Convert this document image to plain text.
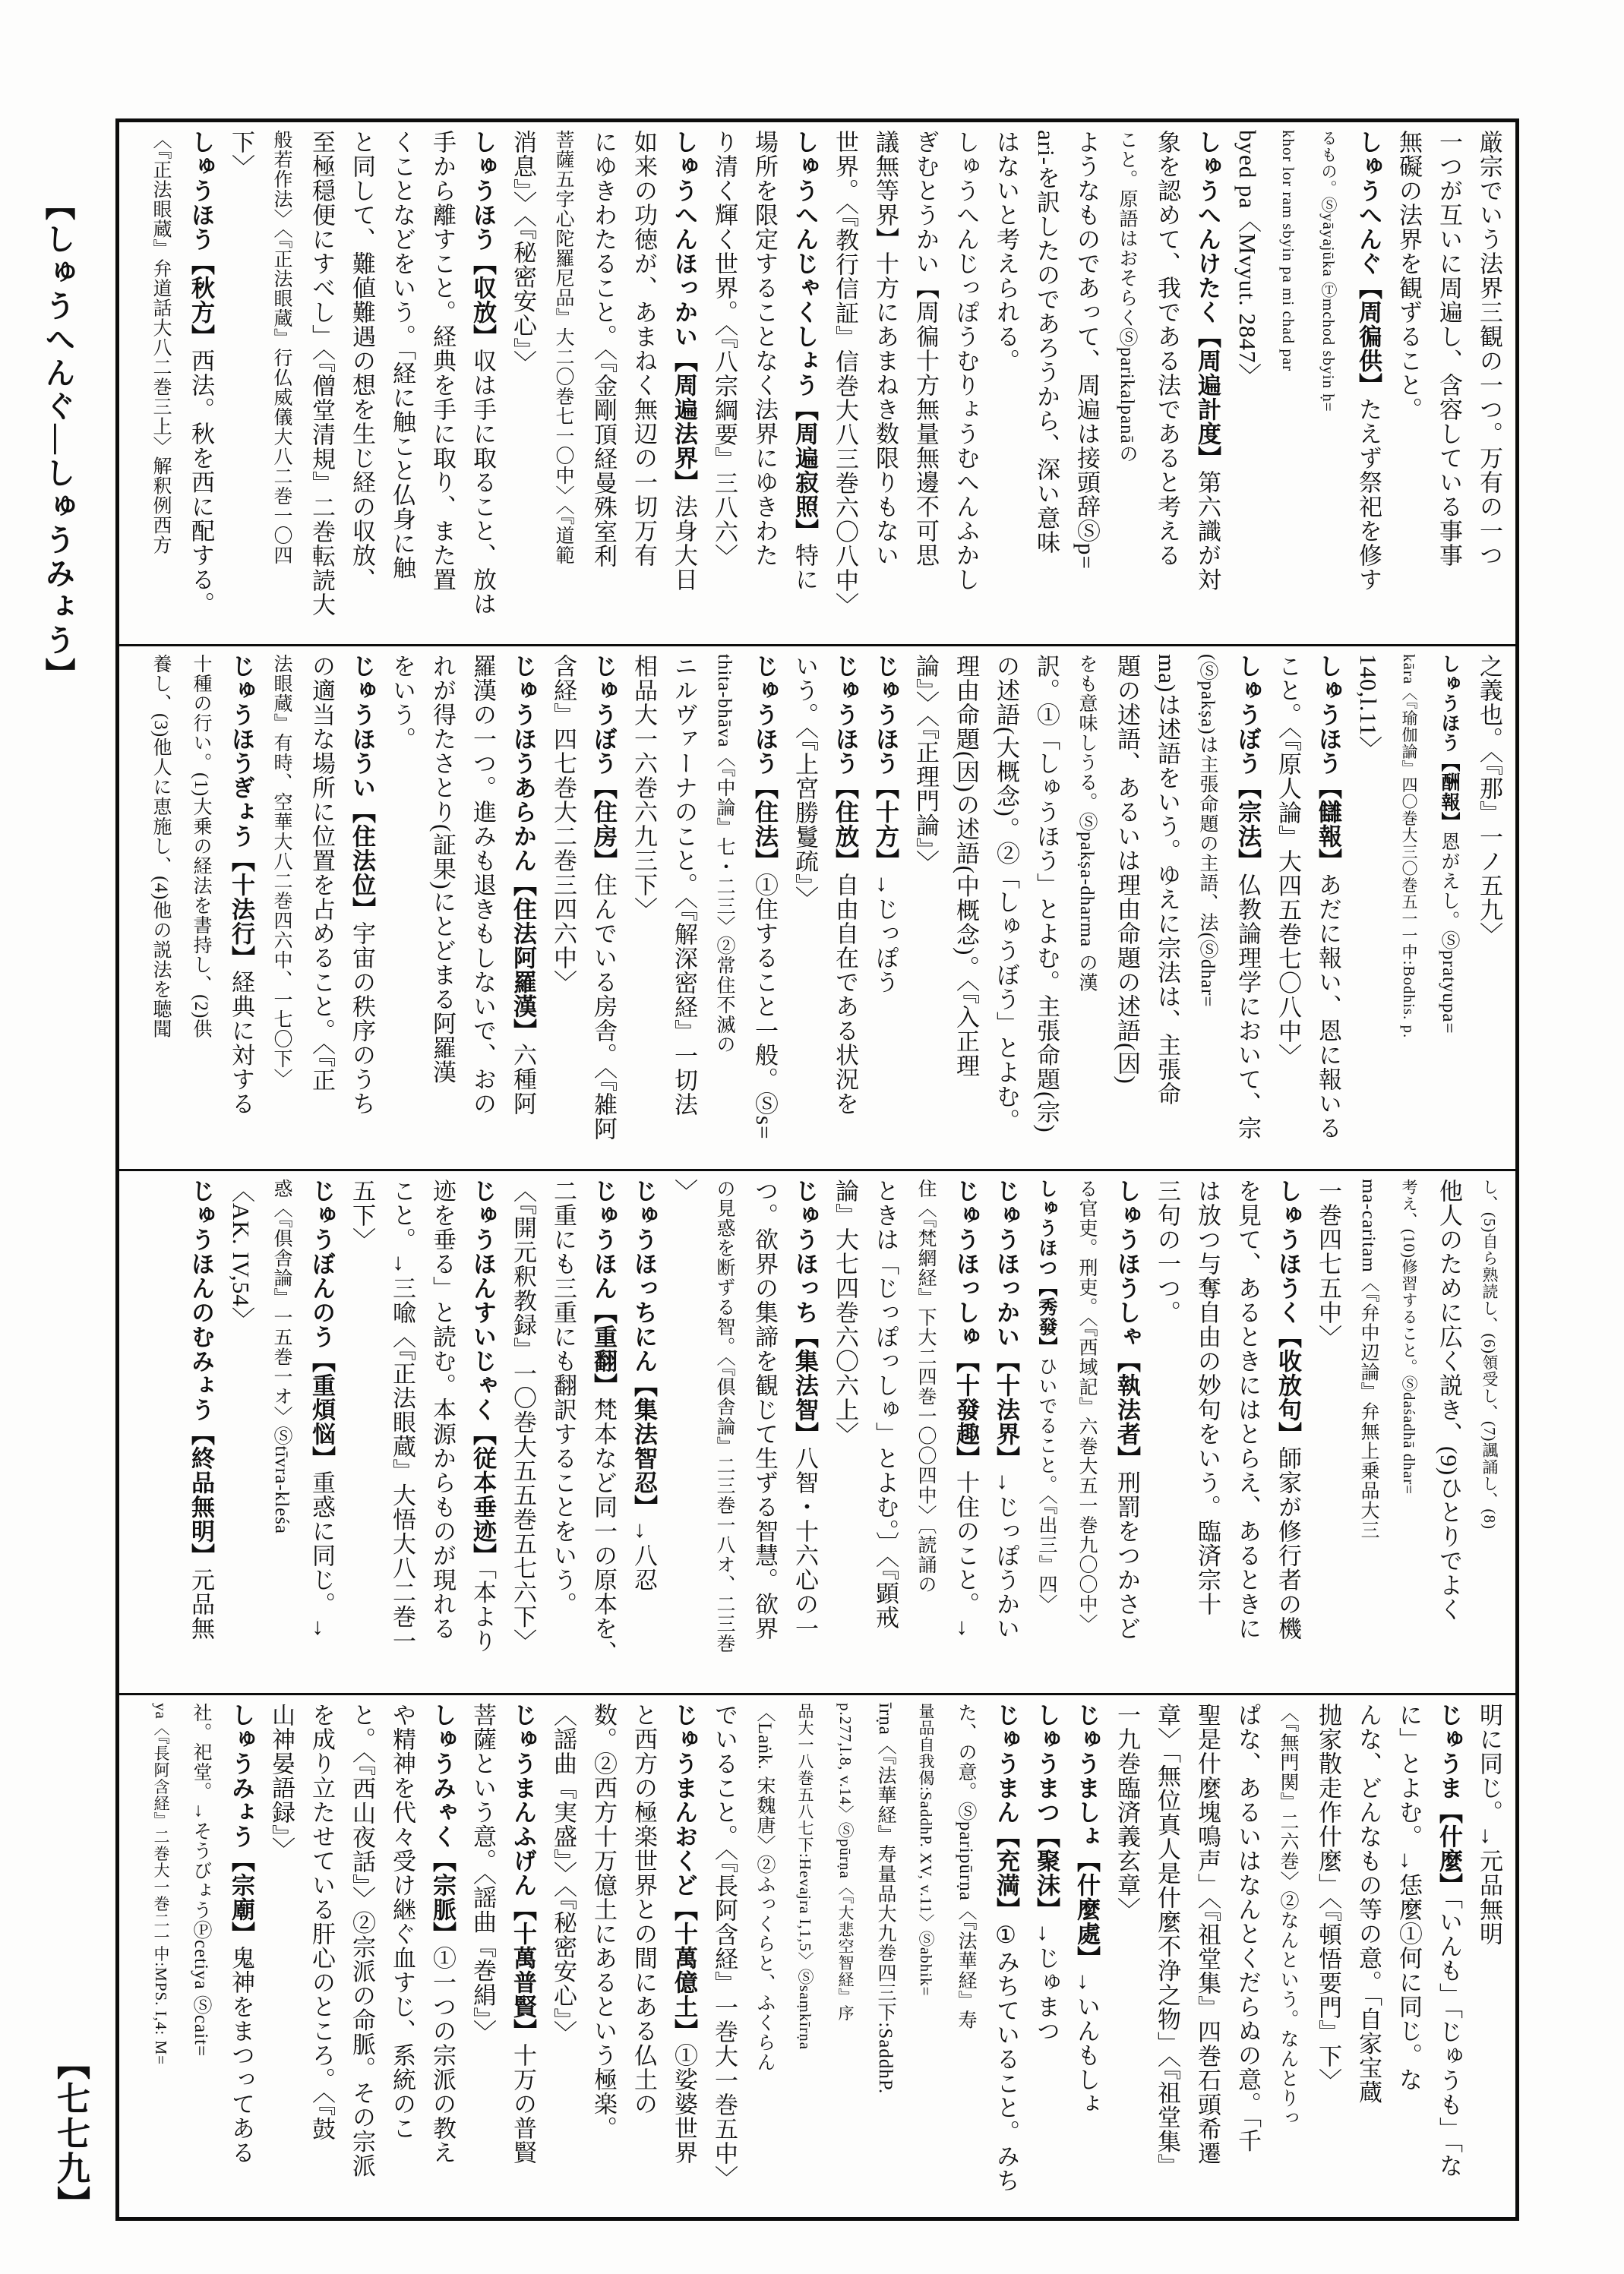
【しゅうへんぐ―しゅうみょう】	厳宗でいう法界三観の一つ。万有の一つ

一つが互いに周遍し、含容している事事

無礙の法界を観ずること。

しゅうへんぐ【周徧供】たえず祭祀を修す

るもの。Ⓢyāyajūka Ⓣmchod sbyin ḥ=

khor lor ram sbyin pa mi chad par

byed pa〈Mvyut. 2847〉

しゅうへんけたく【周遍計度】第六識が対

象を認めて、我である法であると考える

こと。原語はおそらくⓈparikalpanāの

ようなものであって、周遍は接頭辞Ⓢp=

ari-を訳したのであろうから、深い意味

はないと考えられる。

しゅうへんじっぽうむりょうむへんふかし

ぎむとうかい【周徧十方無量無邊不可思

議無等界】十方にあまねき数限りもない

世界。〈『教行信証』信巻大八三巻六〇八中〉

しゅうへんじゃくしょう【周遍寂照】特に

場所を限定することなく法界にゆきわた

り清く輝く世界。〈『八宗綱要』三八六〉

しゅうへんほっかい【周遍法界】法身大日

如来の功徳が、あまねく無辺の一切万有

にゆきわたること。〈『金剛頂経曼殊室利

菩薩五字心陀羅尼品』大二〇巻七一〇中〉〈『道範

消息』〉〈『秘密安心』〉

しゅうほう【収放】収は手に取ること、放は

手から離すこと。経典を手に取り、また置

くことなどをいう。「経に触こと仏身に触

と同して、難値難遇の想を生じ経の収放、

至極穏便にすべし」〈『僧堂清規』二巻転読大

般若作法〉〈『正法眼蔵』行仏威儀大八二巻一〇四

下〉

しゅうほう【秋方】西法。秋を西に配する。

〈『正法眼蔵』弁道話大八二巻三上〉解釈例西方

之義也。〈『那』一ノ五九〉

しゅうほう【酬報】恩がえし。Ⓢpratyupa=

kāra〈『瑜伽論』四〇巻大三〇巻五一一中:Bodhis. p.

140,l.11〉

しゅうほう【讎報】あだに報い、恩に報いる

こと。〈『原人論』大四五巻七〇八中〉

しゅうぼう【宗法】仏教論理学において、宗

(Ⓢpakṣa)は主張命題の主語、法(Ⓢdhar=

ma)は述語をいう。ゆえに宗法は、主張命

題の述語、あるいは理由命題の述語(因)

をも意味しうる。Ⓢpakṣa-dharma の漢

訳。①「しゅうほう」とよむ。主張命題(宗)

の述語(大概念)。②「しゅうぼう」とよむ。

理由命題(因)の述語(中概念)。〈『入正理

論』〉〈『正理門論』〉

じゅうほう【十方】→じっぽう

じゅうほう【住放】自由自在である状況を

いう。〈『上宮勝鬘疏』〉

じゅうほう【住法】①住すること一般。Ⓢs=

thita-bhāva〈『中論』七・二三〉②常住不滅の

ニルヴァーナのこと。〈『解深密経』一切法

相品大一六巻六九三下〉

じゅうぼう【住房】住んでいる房舎。〈『雑阿

含経』四七巻大二巻三四六中〉

じゅうほうあらかん【住法阿羅漢】六種阿

羅漢の一つ。進みも退きもしないで、おの

れが得たさとり(証果)にとどまる阿羅漢

をいう。

じゅうほうい【住法位】宇宙の秩序のうち

の適当な場所に位置を占めること。〈『正

法眼蔵』有時、空華大八二巻四六中、一七〇下〉

じゅうほうぎょう【十法行】経典に対する

十種の行い。(1)大乗の経法を書持し、(2)供

養し、(3)他人に恵施し、(4)他の説法を聴聞

し、(5)自ら熟読し、(6)領受し、(7)諷誦し、(8)

他人のために広く説き、(9)ひとりでよく

考え、(10)修習すること。Ⓢdaśadhā dhar=

ma-caritam〈『弁中辺論』弁無上乗品大三

一巻四七五中〉

しゅうほうく【收放句】師家が修行者の機

を見て、あるときにはとらえ、あるときに

は放つ与奪自由の妙句をいう。臨済宗十

三句の一つ。

しゅうほうしゃ【執法者】刑罰をつかさど

る官吏。刑吏。〈『西域記』六巻大五一巻九〇〇中〉

しゅうほつ【秀發】ひいでること。〈『出三』四〉

じゅうほっかい【十法界】→じっぽうかい

じゅうほっしゅ【十發趣】十住のこと。→

住〈『梵網経』下大二四巻一〇〇四中〉〔読誦の

ときは「じっぽっしゅ」とよむ。〕〈『顕戒

論』大七四巻六〇六上〉

じゅうほっち【集法智】八智・十六心の一

つ。欲界の集諦を観じて生ずる智慧。欲界

の見惑を断ずる智。〈『倶舎論』二三巻一八オ、二三巻

〉

じゅうほっちにん【集法智忍】→八忍

じゅうほん【重翻】梵本など同一の原本を、

二重にも三重にも翻訳することをいう。

〈『開元釈教録』一〇巻大五五巻五七六下〉

じゅうほんすいじゃく【従本垂迹】「本より

迹を垂る」と読む。本源からものが現れる

こと。→三喩〈『正法眼蔵』大悟大八二巻一

五下〉

じゅうぼんのう【重煩悩】重惑に同じ。→

惑〈『倶舎論』一五巻一オ〉Ⓢtīvra-kleśa

〈AK. IV,54〉

じゅうほんのむみょう【終品無明】元品無

明に同じ。→元品無明

じゅうま【什麼】「いんも」「じゅうも」「な

に」とよむ。→恁麼①何に同じ。な

んな、どんなもの等の意。「自家宝蔵

抛家散走作什麼」〈『頓悟要門』下〉

〈『無門関』二六巻〉②なんという。なんとりっ

ぱな、あるいはなんとくだらぬの意。「千

聖是什麼塊鳴声」〈『祖堂集』四巻石頭希遷

章〉「無位真人是什麼不浄之物」〈『祖堂集』

一九巻臨済義玄章〉

じゅうましょ【什麼處】→いんもしょ

しゅうまつ【聚沫】→じゅまつ

じゅうまん【充満】①みちていること。みち

た、の意。Ⓢparipūrṇa〈『法華経』寿

量品自我偈:SaddhP. XV, v.11〉Ⓢabhik=

īrṇa〈『法華経』寿量品大九巻四三下:SaddhP.

p.277,l.8, v.14〉Ⓢpūrṇa〈『大悲空智経』序

品大一八巻五八七下:Hevajra I,1,5〉Ⓢsaṃkīrṇa

〈Laṅk. 宋魏唐〉②ふっくらと、ふくらん

でいること。〈『長阿含経』一巻大一巻五中〉

じゅうまんおくど【十萬億土】①娑婆世界

と西方の極楽世界との間にある仏土の

数。②西方十万億土にあるという極楽。

〈謡曲『実盛』〉〈『秘密安心』〉

じゅうまんふげん【十萬普賢】十万の普賢

菩薩という意。〈謡曲『巻絹』〉

しゅうみゃく【宗脈】①一つの宗派の教え

や精神を代々受け継ぐ血すじ、系統のこ

と。〈『西山夜話』〉②宗派の命脈。その宗派

を成り立たせている肝心のところ。〈『鼓

山神晏語録』〉

しゅうみょう【宗廟】鬼神をまつってある

社。祀堂。→そうびょうⓅcetiya Ⓢcait=

ya〈『長阿含経』二巻大一巻二一中:MPS. I,4: M=

【七七九】
